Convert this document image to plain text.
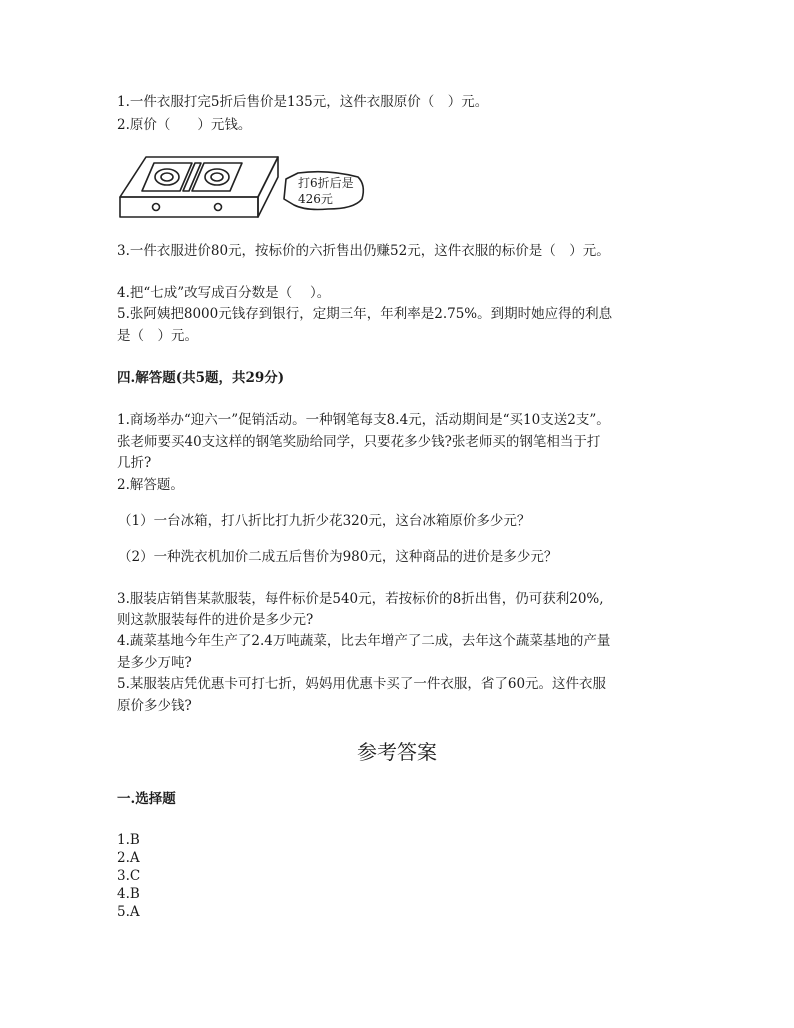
1.一件衣服打完5折后售价是135元，这件衣服原价（　）元。
2.原价（　　）元钱。
打6折后是
426元
3.一件衣服进价80元，按标价的六折售出仍赚52元，这件衣服的标价是（　）元。
4.把“七成”改写成百分数是（　 ）。
5.张阿姨把8000元钱存到银行，定期三年，年利率是2.75%。到期时她应得的利息
是（　）元。
四.解答题(共5题，共29分)
1.商场举办“迎六一”促销活动。一种钢笔每支8.4元，活动期间是“买10支送2支”。
张老师要买40支这样的钢笔奖励给同学，只要花多少钱?张老师买的钢笔相当于打
几折?
2.解答题。
（1）一台冰箱，打八折比打九折少花320元，这台冰箱原价多少元？
（2）一种洗衣机加价二成五后售价为980元，这种商品的进价是多少元？
3.服装店销售某款服装，每件标价是540元，若按标价的8折出售，仍可获利20%,
则这款服装每件的进价是多少元?
4.蔬菜基地今年生产了2.4万吨蔬菜，比去年增产了二成，去年这个蔬菜基地的产量
是多少万吨?
5.某服装店凭优惠卡可打七折，妈妈用优惠卡买了一件衣服，省了60元。这件衣服
原价多少钱?
参考答案
一.选择题
1.B
2.A
3.C
4.B
5.A
